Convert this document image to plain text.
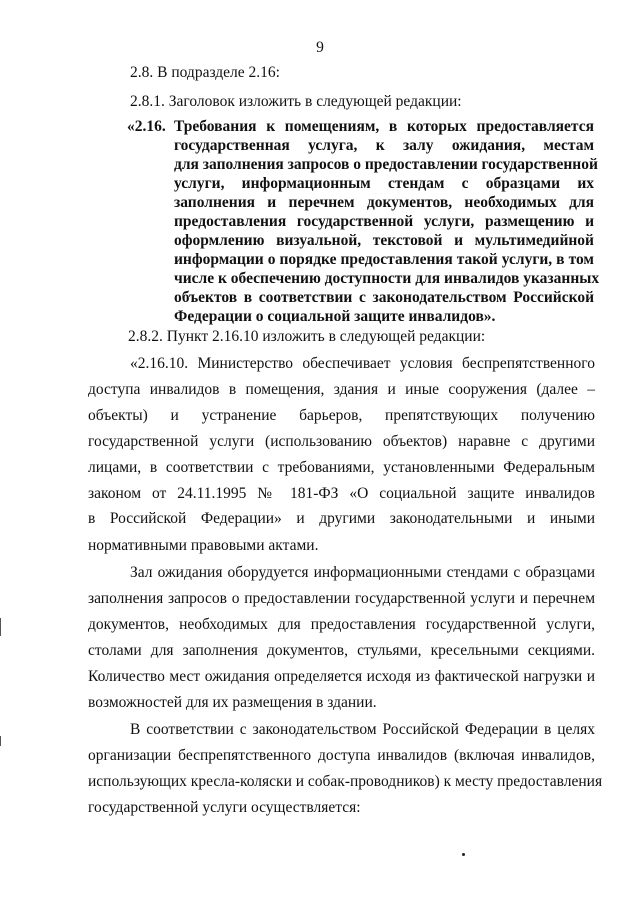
9
2.8. В подразделе 2.16:
2.8.1. Заголовок изложить в следующей редакции:
«2.16. Требования к помещениям, в которых предоставляется
государственная услуга, к залу ожидания, местам
для заполнения запросов о предоставлении государственной
услуги, информационным стендам с образцами их
заполнения и перечнем документов, необходимых для
предоставления государственной услуги, размещению и
оформлению визуальной, текстовой и мультимедийной
информации о порядке предоставления такой услуги, в том
числе к обеспечению доступности для инвалидов указанных
объектов в соответствии с законодательством Российской
Федерации о социальной защите инвалидов».
2.8.2. Пункт 2.16.10 изложить в следующей редакции:
«2.16.10. Министерство обеспечивает условия беспрепятственного
доступа инвалидов в помещения, здания и иные сооружения (далее –
объекты) и устранение барьеров, препятствующих получению
государственной услуги (использованию объектов) наравне с другими
лицами, в соответствии с требованиями, установленными Федеральным
законом от 24.11.1995 № 181-ФЗ «О социальной защите инвалидов
в Российской Федерации» и другими законодательными и иными
нормативными правовыми актами.
Зал ожидания оборудуется информационными стендами с образцами
заполнения запросов о предоставлении государственной услуги и перечнем
документов, необходимых для предоставления государственной услуги,
столами для заполнения документов, стульями, кресельными секциями.
Количество мест ожидания определяется исходя из фактической нагрузки и
возможностей для их размещения в здании.
В соответствии с законодательством Российской Федерации в целях
организации беспрепятственного доступа инвалидов (включая инвалидов,
использующих кресла-коляски и собак-проводников) к месту предоставления
государственной услуги осуществляется:
